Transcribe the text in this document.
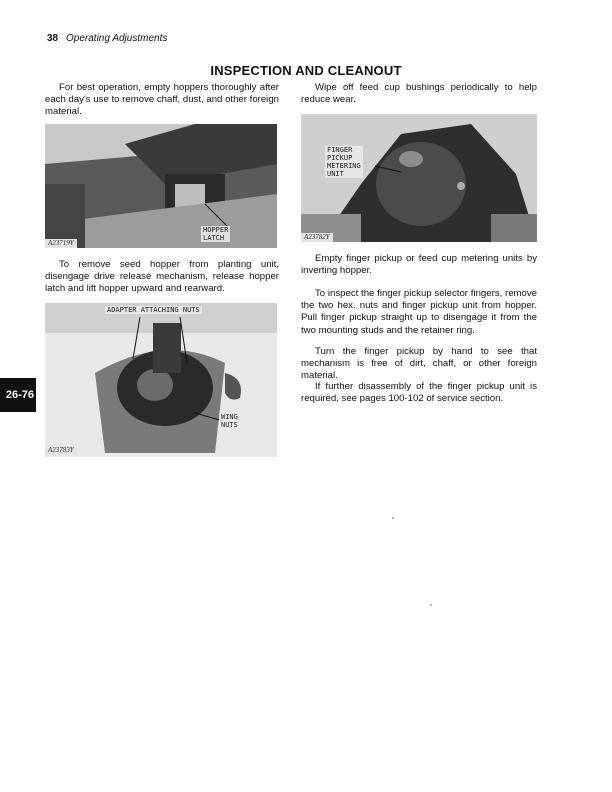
38 Operating Adjustments
INSPECTION AND CLEANOUT
For best operation, empty hoppers thoroughly after each day's use to remove chaff, dust, and other foreign material.
HOPPER
LATCH
A23719Y
To remove seed hopper from planting unit, disengage drive release mechanism, release hopper latch and lift hopper upward and rearward.
ADAPTER ATTACHING NUTS
WING
NUTS
A23783Y
26-76
Wipe off feed cup bushings periodically to help reduce wear.
FINGER
PICKUP
METERING
UNIT
A23782Y
Empty finger pickup or feed cup metering units by inverting hopper.
To inspect the finger pickup selector fingers, remove the two hex. nuts and finger pickup unit from hopper. Pull finger pickup straight up to disengage it from the two mounting studs and the retainer ring.
Turn the finger pickup by hand to see that mechanism is free of dirt, chaff, or other foreign material.
If further disassembly of the finger pickup unit is required, see pages 100-102 of service section.
